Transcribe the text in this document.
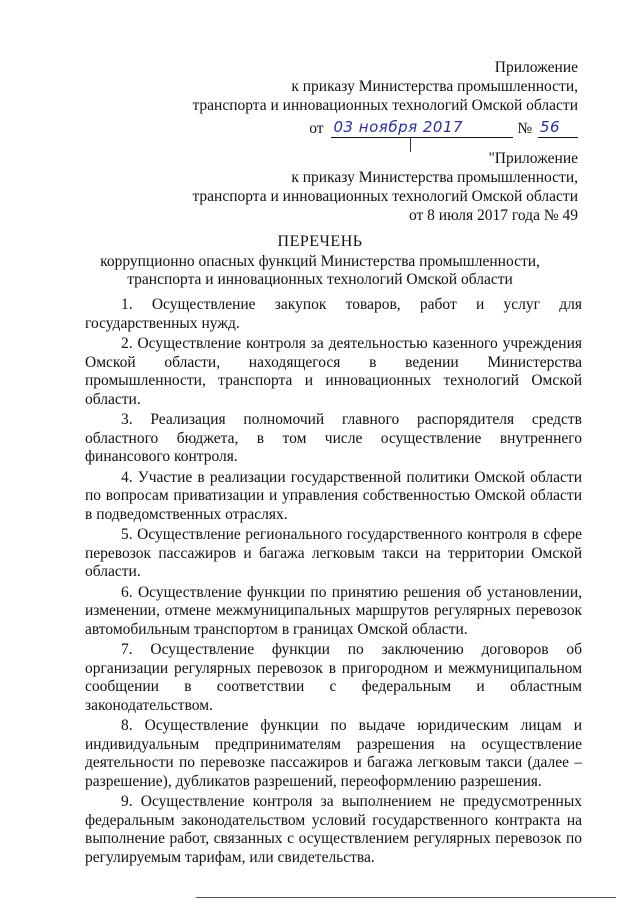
Приложение
к приказу Министерства промышленности,
транспорта и инновационных технологий Омской области
от 03 ноября 2017	№ 56
"Приложение
к приказу Министерства промышленности,
транспорта и инновационных технологий Омской области
от 8 июля 2017 года № 49
ПЕРЕЧЕНЬ
коррупционно опасных функций Министерства промышленности, транспорта и инновационных технологий Омской области

1. Осуществление закупок товаров, работ и услуг для государственных нужд.

2. Осуществление контроля за деятельностью казенного учреждения Омской области, находящегося в ведении Министерства промышленности, транспорта и инновационных технологий Омской области.

3. Реализация полномочий главного распорядителя средств областного бюджета, в том числе осуществление внутреннего финансового контроля.

4. Участие в реализации государственной политики Омской области по вопросам приватизации и управления собственностью Омской области в подведомственных отраслях.

5. Осуществление регионального государственного контроля в сфере перевозок пассажиров и багажа легковым такси на территории Омской области.

6. Осуществление функции по принятию решения об установлении, изменении, отмене межмуниципальных маршрутов регулярных перевозок автомобильным транспортом в границах Омской области.

7. Осуществление функции по заключению договоров об организации регулярных перевозок в пригородном и межмуниципальном сообщении в соответствии с федеральным и областным законодательством.

8. Осуществление функции по выдаче юридическим лицам и индивидуальным предпринимателям разрешения на осуществление деятельности по перевозке пассажиров и багажа легковым такси (далее – разрешение), дубликатов разрешений, переоформлению разрешения.

9. Осуществление контроля за выполнением не предусмотренных федеральным законодательством условий государственного контракта на выполнение работ, связанных с осуществлением регулярных перевозок по регулируемым тарифам, или свидетельства.
